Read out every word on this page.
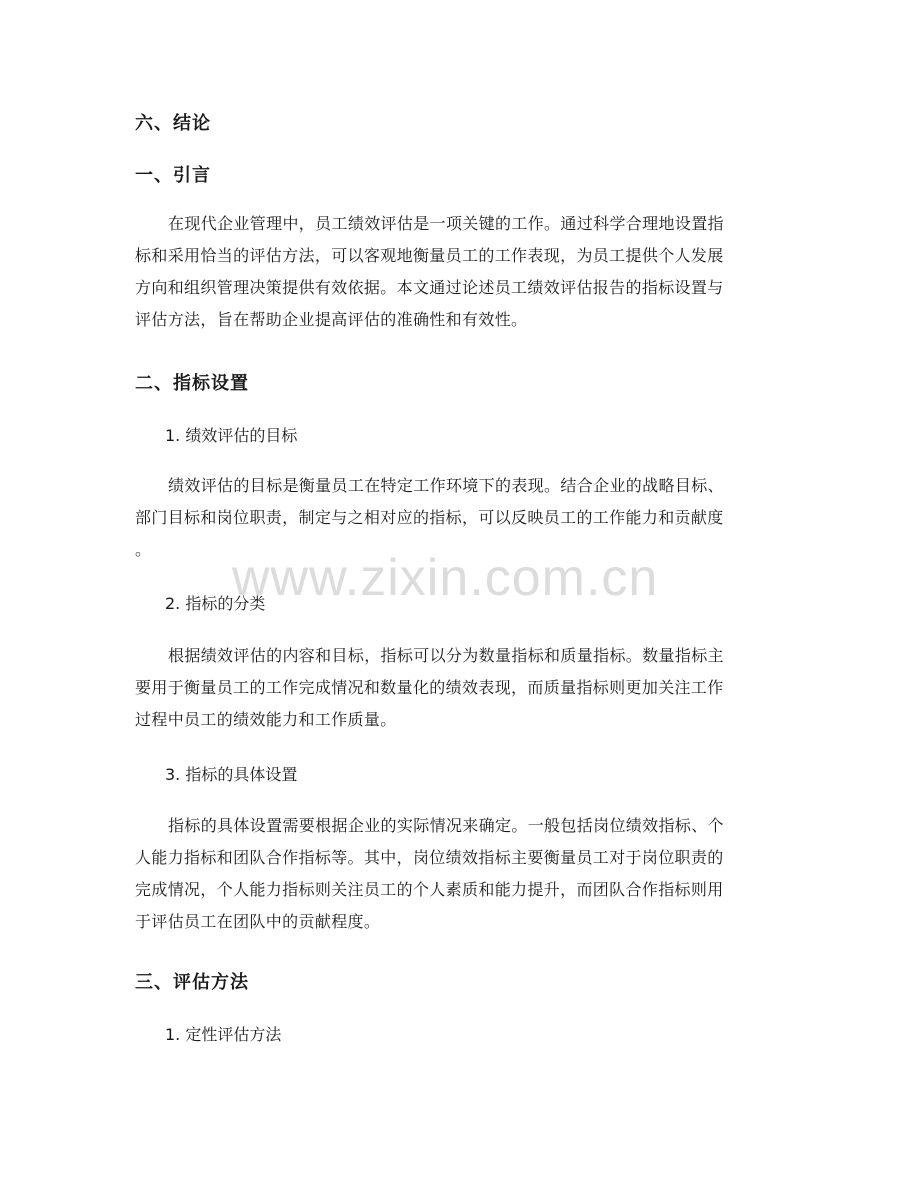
六、结论
一、引言
在现代企业管理中，员工绩效评估是一项关键的工作。通过科学合理地设置指
标和采用恰当的评估方法，可以客观地衡量员工的工作表现，为员工提供个人发展
方向和组织管理决策提供有效依据。本文通过论述员工绩效评估报告的指标设置与
评估方法，旨在帮助企业提高评估的准确性和有效性。
二、指标设置
1. 绩效评估的目标
绩效评估的目标是衡量员工在特定工作环境下的表现。结合企业的战略目标、
部门目标和岗位职责，制定与之相对应的指标，可以反映员工的工作能力和贡献度
。
2. 指标的分类
根据绩效评估的内容和目标，指标可以分为数量指标和质量指标。数量指标主
要用于衡量员工的工作完成情况和数量化的绩效表现，而质量指标则更加关注工作
过程中员工的绩效能力和工作质量。
3. 指标的具体设置
指标的具体设置需要根据企业的实际情况来确定。一般包括岗位绩效指标、个
人能力指标和团队合作指标等。其中，岗位绩效指标主要衡量员工对于岗位职责的
完成情况，个人能力指标则关注员工的个人素质和能力提升，而团队合作指标则用
于评估员工在团队中的贡献程度。
三、评估方法
1. 定性评估方法
www.zixin.com.cn
